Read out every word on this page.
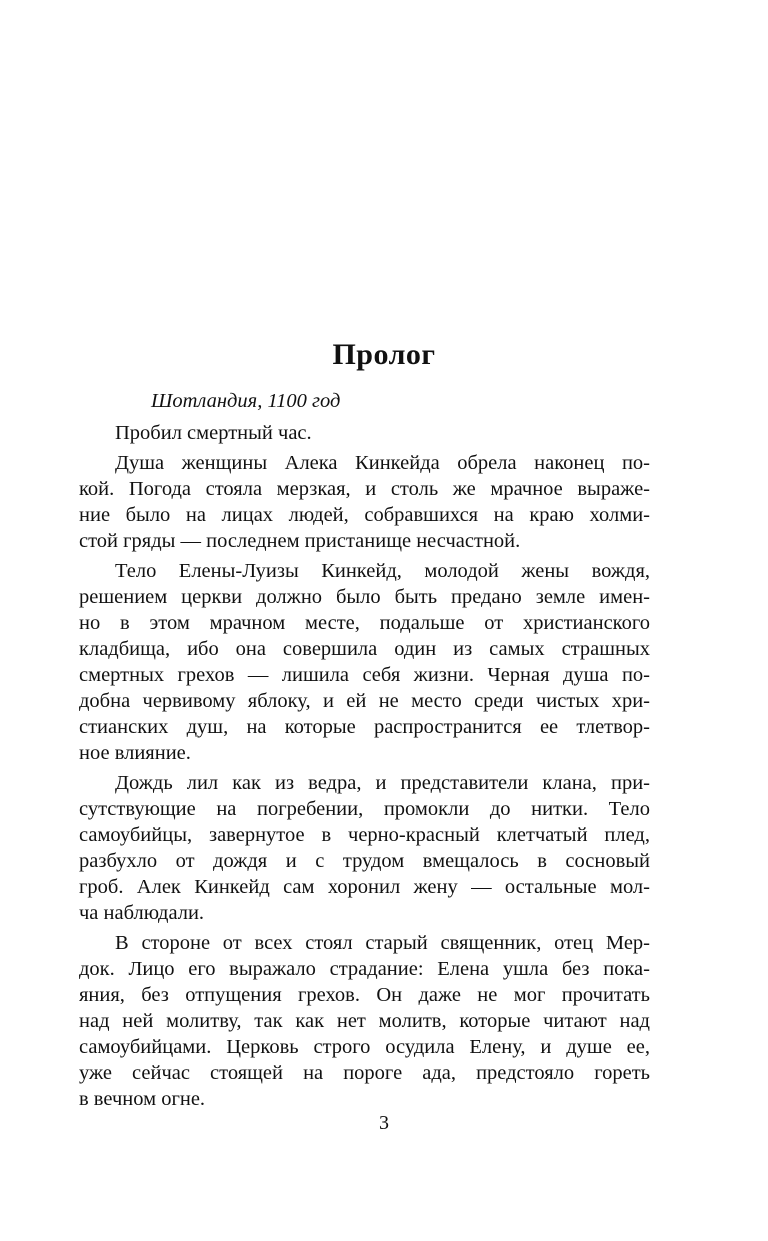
Пролог
Шотландия, 1100 год
Пробил смертный час.
Душа женщины Алека Кинкейда обрела наконец по-
кой. Погода стояла мерзкая, и столь же мрачное выраже-
ние было на лицах людей, собравшихся на краю холми-
стой гряды — последнем пристанище несчастной.
Тело Елены-Луизы Кинкейд, молодой жены вождя,
решением церкви должно было быть предано земле имен-
но в этом мрачном месте, подальше от христианского
кладбища, ибо она совершила один из самых страшных
смертных грехов — лишила себя жизни. Черная душа по-
добна червивому яблоку, и ей не место среди чистых хри-
стианских душ, на которые распространится ее тлетвор-
ное влияние.
Дождь лил как из ведра, и представители клана, при-
сутствующие на погребении, промокли до нитки. Тело
самоубийцы, завернутое в черно-красный клетчатый плед,
разбухло от дождя и с трудом вмещалось в сосновый
гроб. Алек Кинкейд сам хоронил жену — остальные мол-
ча наблюдали.
В стороне от всех стоял старый священник, отец Мер-
док. Лицо его выражало страдание: Елена ушла без пока-
яния, без отпущения грехов. Он даже не мог прочитать
над ней молитву, так как нет молитв, которые читают над
самоубийцами. Церковь строго осудила Елену, и душе ее,
уже сейчас стоящей на пороге ада, предстояло гореть
в вечном огне.
3
